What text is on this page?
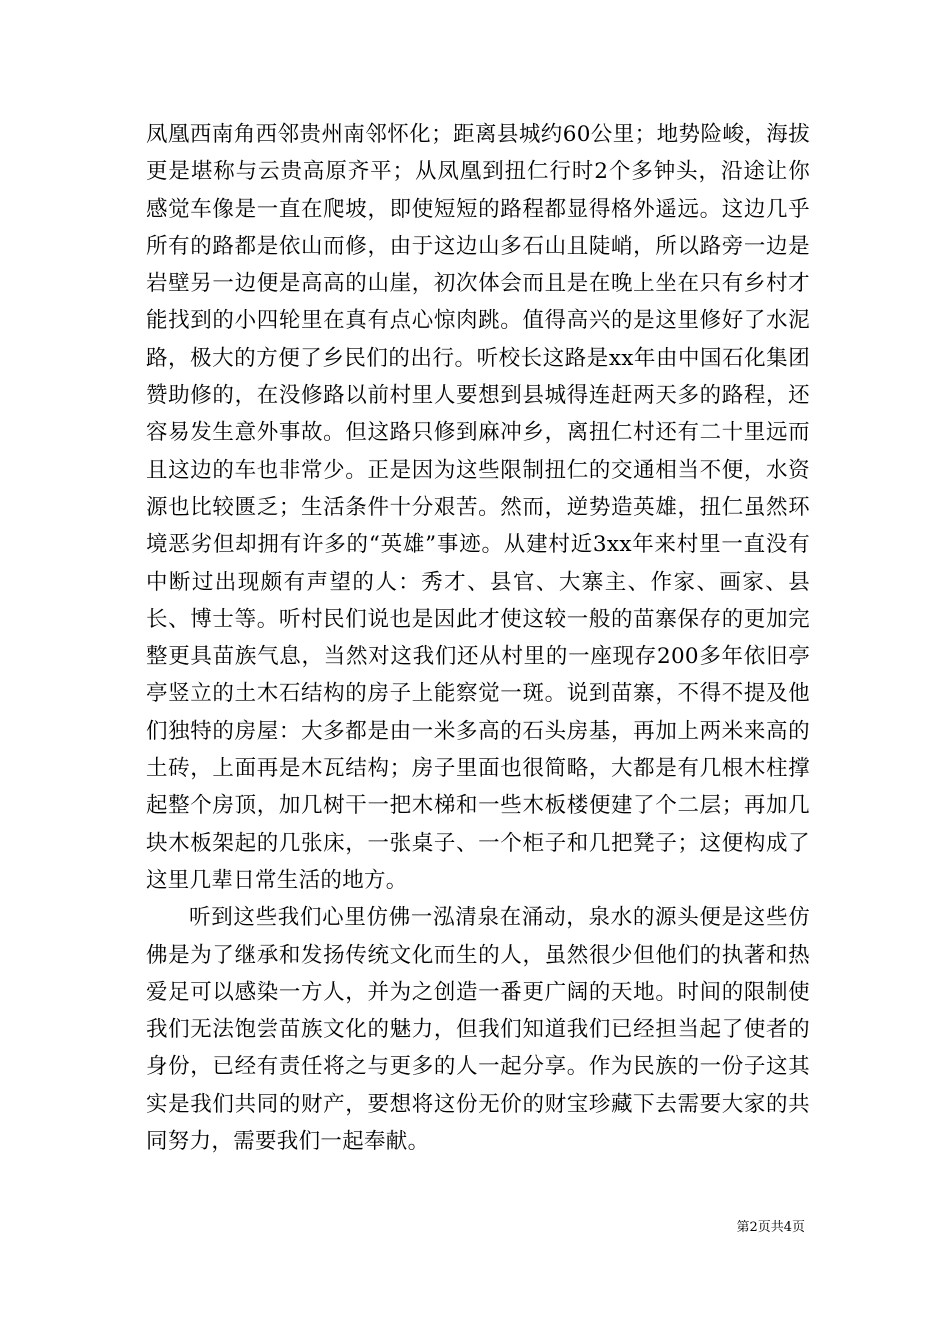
凤凰西南角西邻贵州南邻怀化；距离县城约60公里；地势险峻，海拔更是堪称与云贵高原齐平；从凤凰到扭仁行时2个多钟头，沿途让你感觉车像是一直在爬坡，即使短短的路程都显得格外遥远。这边几乎所有的路都是依山而修，由于这边山多石山且陡峭，所以路旁一边是岩壁另一边便是高高的山崖，初次体会而且是在晚上坐在只有乡村才能找到的小四轮里在真有点心惊肉跳。值得高兴的是这里修好了水泥路，极大的方便了乡民们的出行。听校长这路是xx年由中国石化集团赞助修的，在没修路以前村里人要想到县城得连赶两天多的路程，还容易发生意外事故。但这路只修到麻冲乡，离扭仁村还有二十里远而且这边的车也非常少。正是因为这些限制扭仁的交通相当不便，水资源也比较匮乏；生活条件十分艰苦。然而，逆势造英雄，扭仁虽然环境恶劣但却拥有许多的“英雄”事迹。从建村近3xx年来村里一直没有中断过出现颇有声望的人：秀才、县官、大寨主、作家、画家、县长、博士等。听村民们说也是因此才使这较一般的苗寨保存的更加完整更具苗族气息，当然对这我们还从村里的一座现存200多年依旧亭亭竖立的土木石结构的房子上能察觉一斑。说到苗寨，不得不提及他们独特的房屋：大多都是由一米多高的石头房基，再加上两米来高的土砖，上面再是木瓦结构；房子里面也很简略，大都是有几根木柱撑起整个房顶，加几树干一把木梯和一些木板楼便建了个二层；再加几块木板架起的几张床，一张桌子、一个柜子和几把凳子；这便构成了这里几辈日常生活的地方。

听到这些我们心里仿佛一泓清泉在涌动，泉水的源头便是这些仿佛是为了继承和发扬传统文化而生的人，虽然很少但他们的执著和热爱足可以感染一方人，并为之创造一番更广阔的天地。时间的限制使我们无法饱尝苗族文化的魅力，但我们知道我们已经担当起了使者的身份，已经有责任将之与更多的人一起分享。作为民族的一份子这其实是我们共同的财产，要想将这份无价的财宝珍藏下去需要大家的共同努力，需要我们一起奉献。

第2页共4页
